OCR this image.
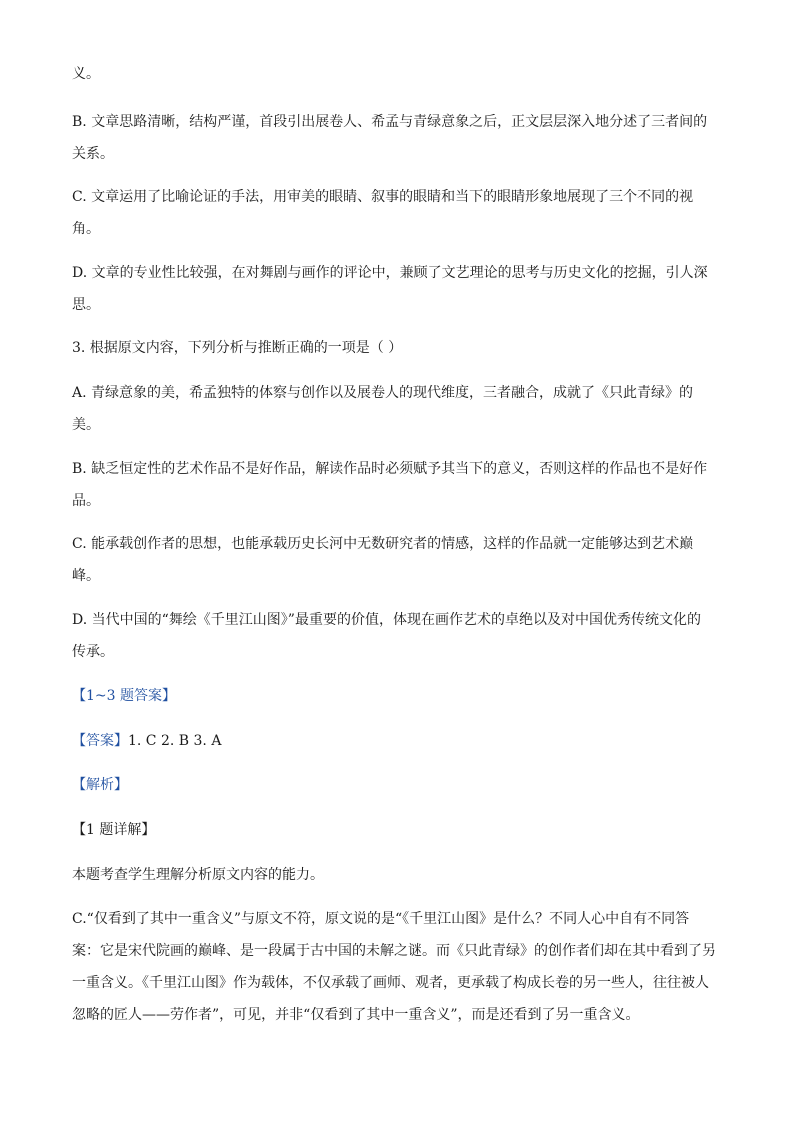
义。
B. 文章思路清晰，结构严谨，首段引出展卷人、希孟与青绿意象之后，正文层层深入地分述了三者间的
关系。
C. 文章运用了比喻论证的手法，用审美的眼睛、叙事的眼睛和当下的眼睛形象地展现了三个不同的视
角。
D. 文章的专业性比较强，在对舞剧与画作的评论中，兼顾了文艺理论的思考与历史文化的挖掘，引人深
思。
3. 根据原文内容，下列分析与推断正确的一项是（ ）
A. 青绿意象的美，希孟独特的体察与创作以及展卷人的现代维度，三者融合，成就了《只此青绿》的
美。
B. 缺乏恒定性的艺术作品不是好作品，解读作品时必须赋予其当下的意义，否则这样的作品也不是好作
品。
C. 能承载创作者的思想，也能承载历史长河中无数研究者的情感，这样的作品就一定能够达到艺术巅
峰。
D. 当代中国的“舞绘《千里江山图》”最重要的价值，体现在画作艺术的卓绝以及对中国优秀传统文化的
传承。
【1~3 题答案】
【答案】1. C 2. B 3. A
【解析】
【1 题详解】
本题考查学生理解分析原文内容的能力。
C.“仅看到了其中一重含义”与原文不符，原文说的是“《千里江山图》是什么？不同人心中自有不同答
案：它是宋代院画的巅峰、是一段属于古中国的未解之谜。而《只此青绿》的创作者们却在其中看到了另
一重含义。《千里江山图》作为载体，不仅承载了画师、观者，更承载了构成长卷的另一些人，往往被人
忽略的匠人——劳作者”，可见，并非“仅看到了其中一重含义”，而是还看到了另一重含义。
